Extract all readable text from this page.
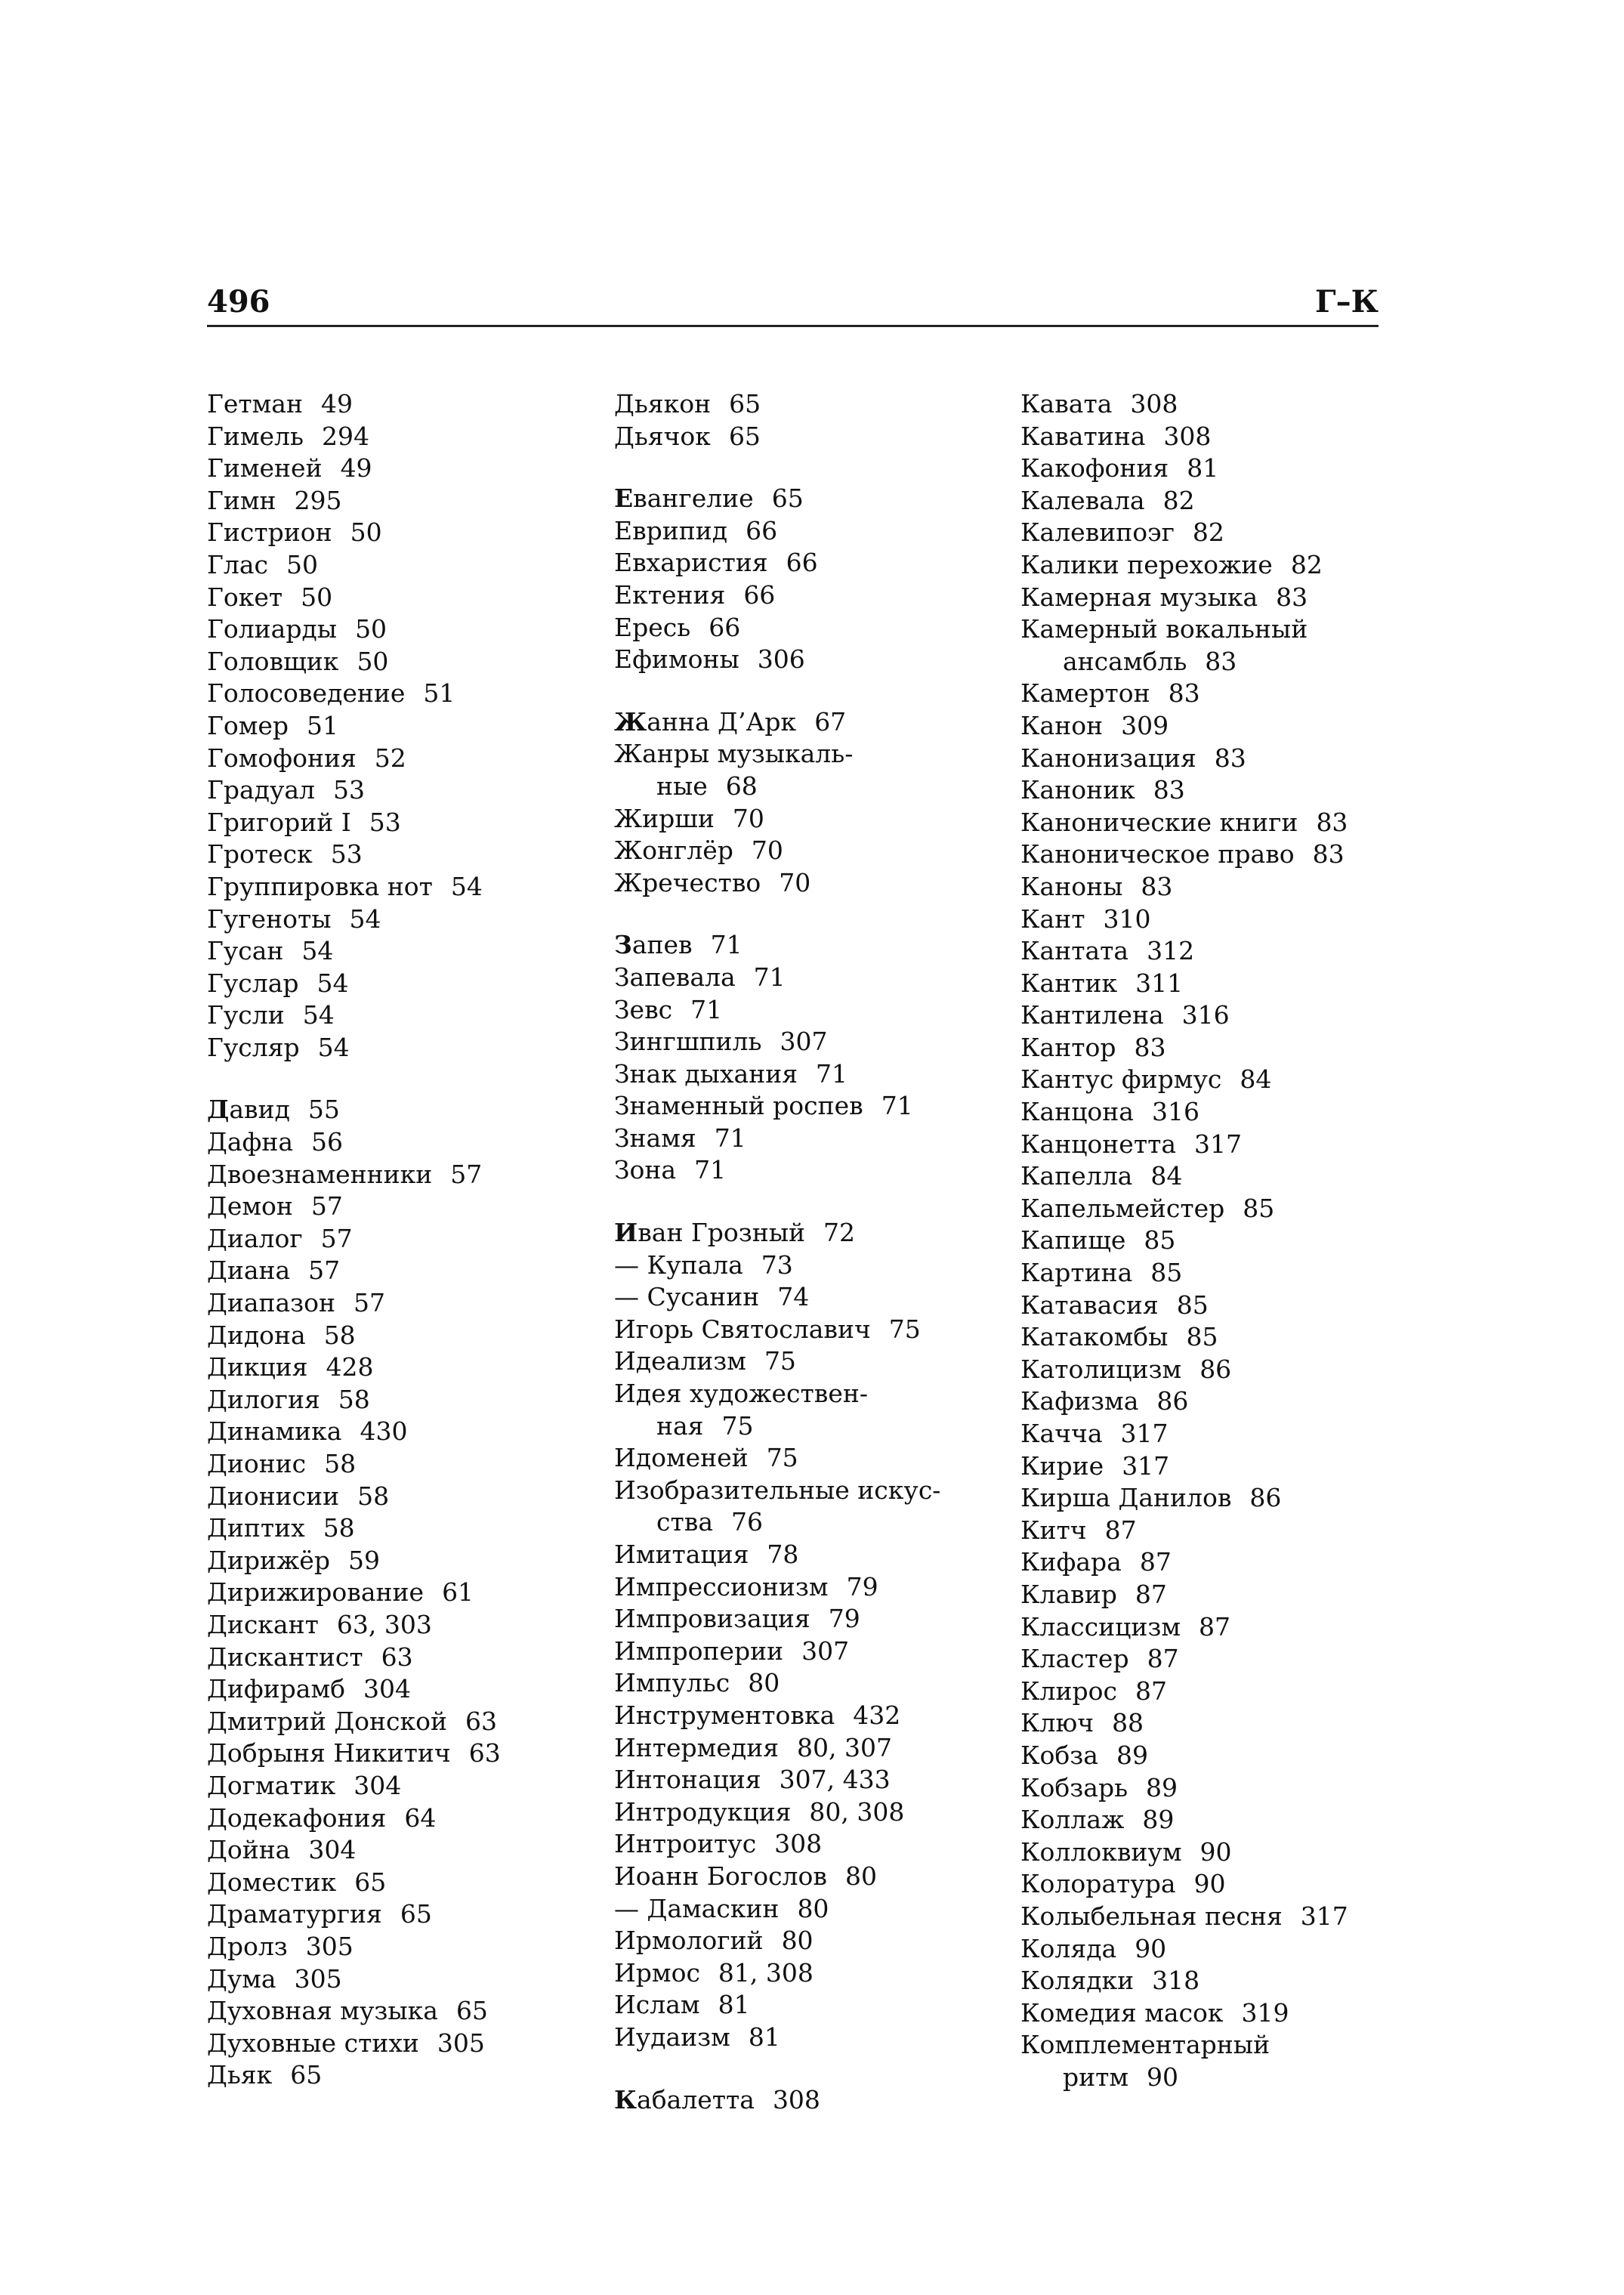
496	Г–К
Гетман 49
Гимель 294
Гименей 49
Гимн 295
Гистрион 50
Глас 50
Гокет 50
Голиарды 50
Головщик 50
Голосоведение 51
Гомер 51
Гомофония 52
Градуал 53
Григорий I 53
Гротеск 53
Группировка нот 54
Гугеноты 54
Гусан 54
Гуслар 54
Гусли 54
Гусляр 54
Давид 55
Дафна 56
Двоезнаменники 57
Демон 57
Диалог 57
Диана 57
Диапазон 57
Дидона 58
Дикция 428
Дилогия 58
Динамика 430
Дионис 58
Дионисии 58
Диптих 58
Дирижёр 59
Дирижирование 61
Дискант 63, 303
Дискантист 63
Дифирамб 304
Дмитрий Донской 63
Добрыня Никитич 63
Догматик 304
Додекафония 64
Дойна 304
Доместик 65
Драматургия 65
Дролз 305
Дума 305
Духовная музыка 65
Духовные стихи 305
Дьяк 65
Дьякон 65
Дьячок 65
Евангелие 65
Еврипид 66
Евхаристия 66
Ектения 66
Ересь 66
Ефимоны 306
Жанна Д’Арк 67
Жанры музыкаль-
ные 68
Жирши 70
Жонглёр 70
Жречество 70
Запев 71
Запевала 71
Зевс 71
Зингшпиль 307
Знак дыхания 71
Знаменный роспев 71
Знамя 71
Зона 71
Иван Грозный 72
— Купала 73
— Сусанин 74
Игорь Святославич 75
Идеализм 75
Идея художествен-
ная 75
Идоменей 75
Изобразительные искус-
ства 76
Имитация 78
Импрессионизм 79
Импровизация 79
Импроперии 307
Импульс 80
Инструментовка 432
Интермедия 80, 307
Интонация 307, 433
Интродукция 80, 308
Интроитус 308
Иоанн Богослов 80
— Дамаскин 80
Ирмологий 80
Ирмос 81, 308
Ислам 81
Иудаизм 81
Кабалетта 308
Кавата 308
Каватина 308
Какофония 81
Калевала 82
Калевипоэг 82
Калики перехожие 82
Камерная музыка 83
Камерный вокальный
ансамбль 83
Камертон 83
Канон 309
Канонизация 83
Каноник 83
Канонические книги 83
Каноническое право 83
Каноны 83
Кант 310
Кантата 312
Кантик 311
Кантилена 316
Кантор 83
Кантус фирмус 84
Канцона 316
Канцонетта 317
Капелла 84
Капельмейстер 85
Капище 85
Картина 85
Катавасия 85
Катакомбы 85
Католицизм 86
Кафизма 86
Качча 317
Кирие 317
Кирша Данилов 86
Китч 87
Кифара 87
Клавир 87
Классицизм 87
Кластер 87
Клирос 87
Ключ 88
Кобза 89
Кобзарь 89
Коллаж 89
Коллоквиум 90
Колоратура 90
Колыбельная песня 317
Коляда 90
Колядки 318
Комедия масок 319
Комплементарный
ритм 90
